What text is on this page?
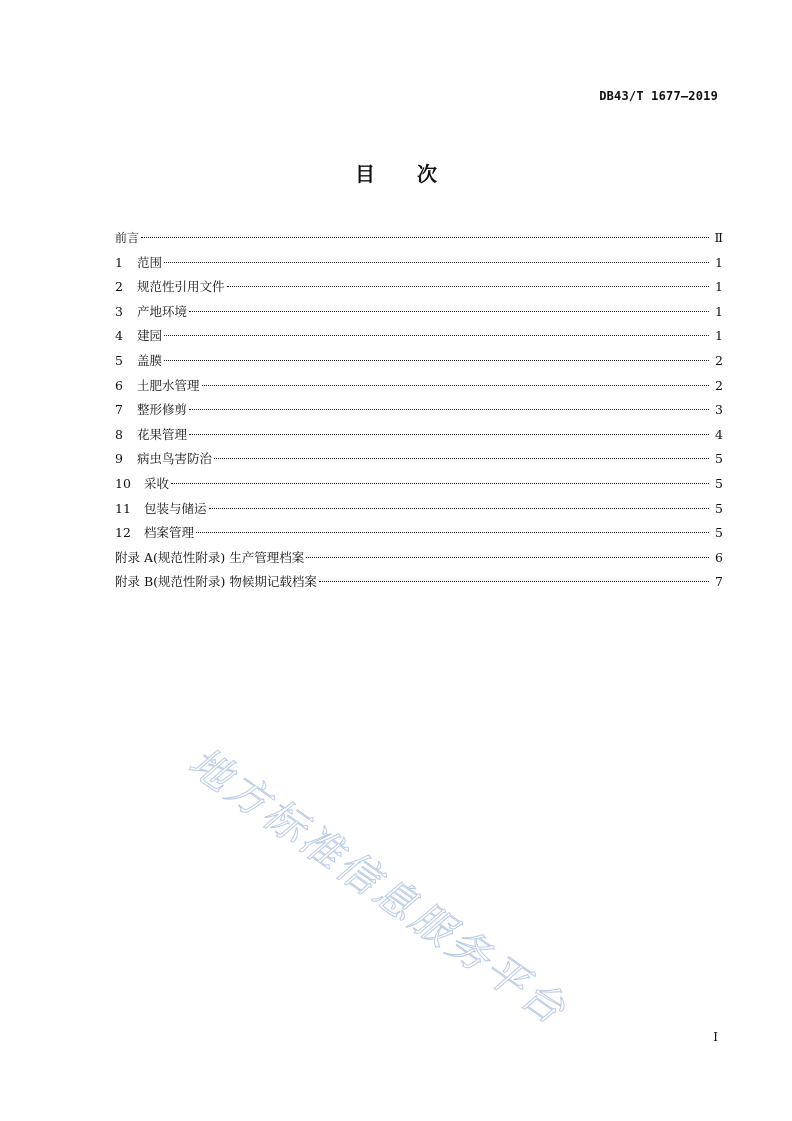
DB43/T 1677—2019
目 次
前言	Ⅱ
1	范围	1
2	规范性引用文件	1
3	产地环境	1
4	建园	1
5	盖膜	2
6	土肥水管理	2
7	整形修剪	3
8	花果管理	4
9	病虫鸟害防治	5
10	采收	5
11	包装与储运	5
12	档案管理	5
附录 A(规范性附录) 生产管理档案	6
附录 B(规范性附录) 物候期记载档案	7
地方标准信息服务平台
I
